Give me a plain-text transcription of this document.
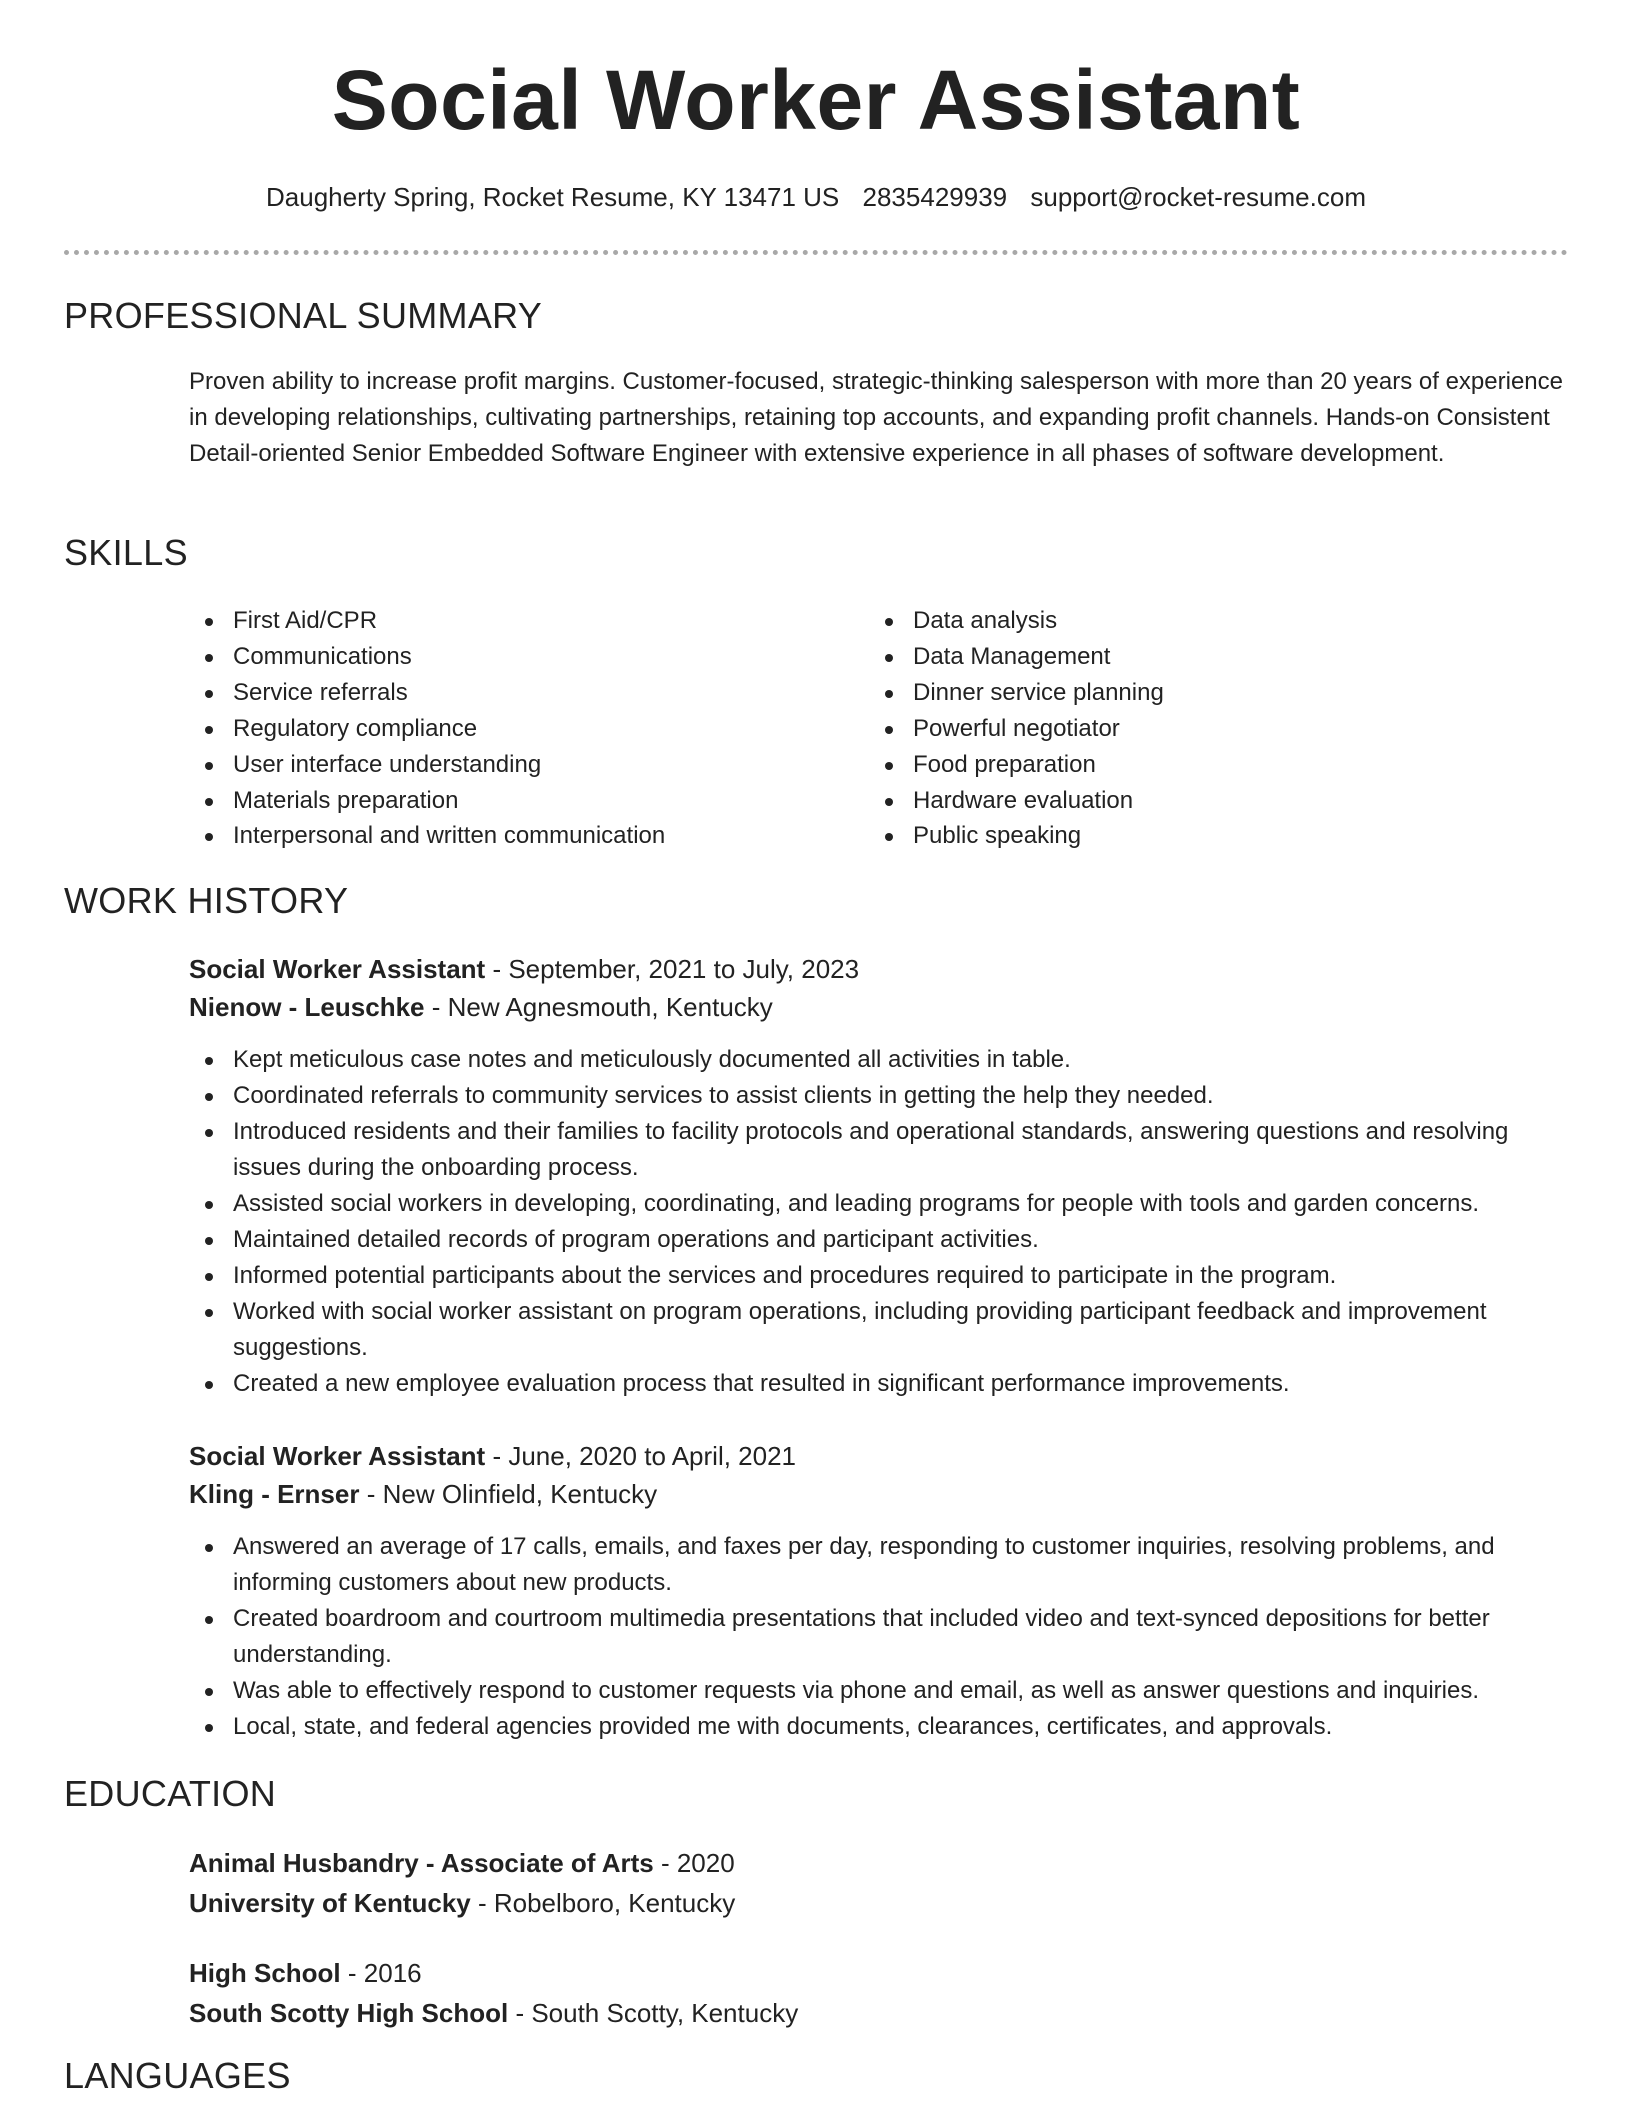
Social Worker Assistant
Daugherty Spring, Rocket Resume, KY 13471 US 2835429939 support@rocket-resume.com
PROFESSIONAL SUMMARY

Proven ability to increase profit margins. Customer-focused, strategic-thinking salesperson with more than 20 years of experience in developing relationships, cultivating partnerships, retaining top accounts, and expanding profit channels. Hands-on Consistent Detail-oriented Senior Embedded Software Engineer with extensive experience in all phases of software development.

SKILLS
First Aid/CPR
Communications
Service referrals
Regulatory compliance
User interface understanding
Materials preparation
Interpersonal and written communication
Data analysis
Data Management
Dinner service planning
Powerful negotiator
Food preparation
Hardware evaluation
Public speaking
WORK HISTORY
Social Worker Assistant - September, 2021 to July, 2023
Nienow - Leuschke - New Agnesmouth, Kentucky
Kept meticulous case notes and meticulously documented all activities in table.
Coordinated referrals to community services to assist clients in getting the help they needed.
Introduced residents and their families to facility protocols and operational standards, answering questions and resolving issues during the onboarding process.
Assisted social workers in developing, coordinating, and leading programs for people with tools and garden concerns.
Maintained detailed records of program operations and participant activities.
Informed potential participants about the services and procedures required to participate in the program.
Worked with social worker assistant on program operations, including providing participant feedback and improvement suggestions.
Created a new employee evaluation process that resulted in significant performance improvements.
Social Worker Assistant - June, 2020 to April, 2021
Kling - Ernser - New Olinfield, Kentucky
Answered an average of 17 calls, emails, and faxes per day, responding to customer inquiries, resolving problems, and informing customers about new products.
Created boardroom and courtroom multimedia presentations that included video and text-synced depositions for better understanding.
Was able to effectively respond to customer requests via phone and email, as well as answer questions and inquiries.
Local, state, and federal agencies provided me with documents, clearances, certificates, and approvals.
EDUCATION
Animal Husbandry - Associate of Arts - 2020
University of Kentucky - Robelboro, Kentucky
High School - 2016
South Scotty High School - South Scotty, Kentucky
LANGUAGES
